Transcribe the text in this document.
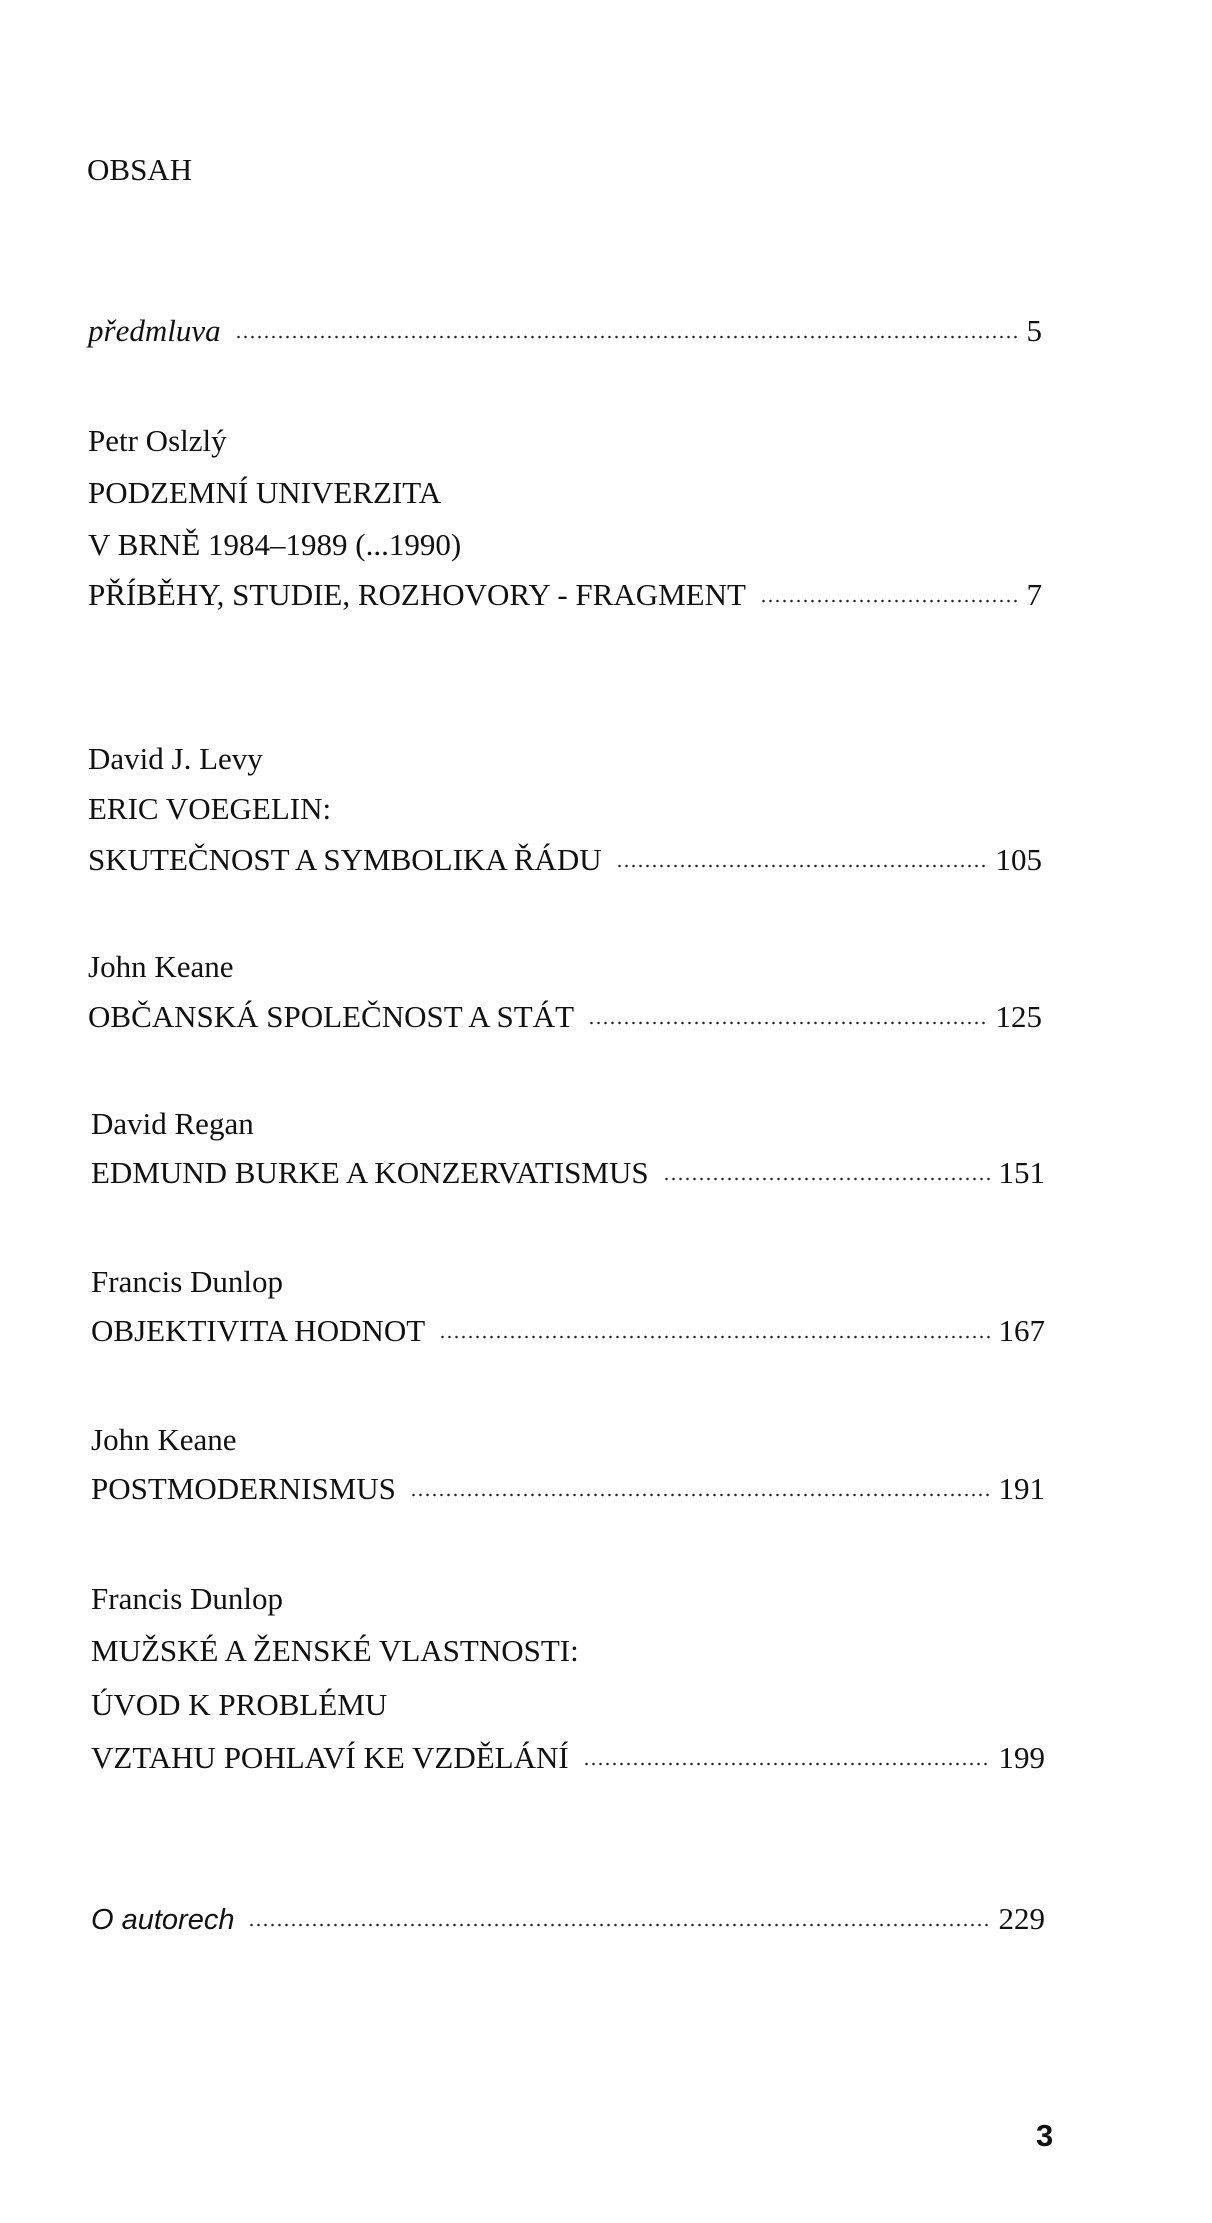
OBSAH
předmluva	5
Petr Oslzlý
PODZEMNÍ UNIVERZITA
V BRNĚ 1984–1989 (...1990)
PŘÍBĚHY, STUDIE, ROZHOVORY - FRAGMENT	7
David J. Levy
ERIC VOEGELIN:
SKUTEČNOST A SYMBOLIKA ŘÁDU	105
John Keane
OBČANSKÁ SPOLEČNOST A STÁT	125
David Regan
EDMUND BURKE A KONZERVATISMUS	151
Francis Dunlop
OBJEKTIVITA HODNOT	167
John Keane
POSTMODERNISMUS	191
Francis Dunlop
MUŽSKÉ A ŽENSKÉ VLASTNOSTI:
ÚVOD K PROBLÉMU
VZTAHU POHLAVÍ KE VZDĚLÁNÍ	199
O autorech	229
3
